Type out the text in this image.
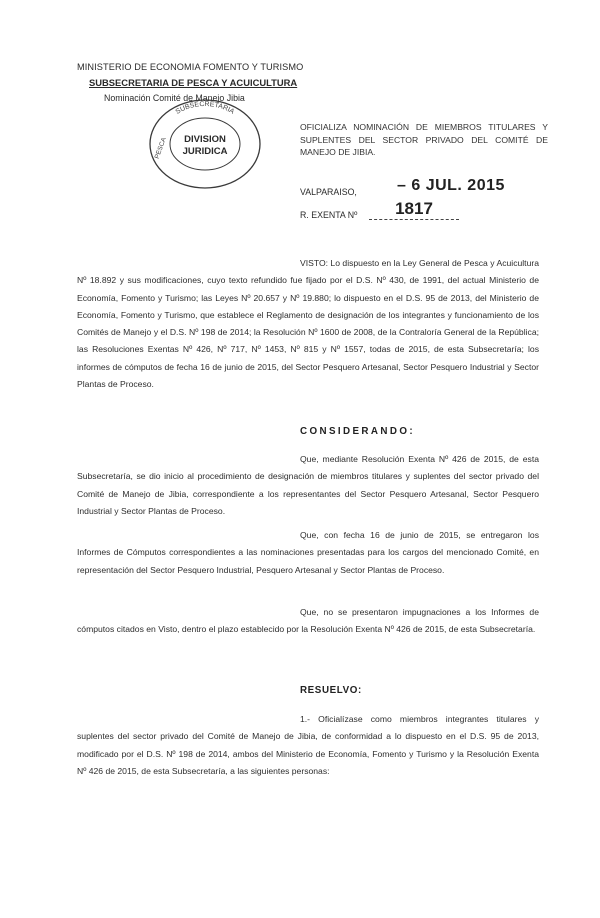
MINISTERIO DE ECONOMIA FOMENTO Y TURISMO
SUBSECRETARIA DE PESCA Y ACUICULTURA
Nominación Comité de Manejo Jibia
SUBSECRETARIA
PESCA DIVISION
JURIDICA
OFICIALIZA NOMINACIÓN DE MIEMBROS TITULARES Y SUPLENTES DEL SECTOR PRIVADO DEL COMITÉ DE MANEJO DE JIBIA.
VALPARAISO,	– 6 JUL. 2015
R. EXENTA Nº	1817
VISTO: Lo dispuesto en la Ley General de Pesca y Acuicultura Nº 18.892 y sus modificaciones, cuyo texto refundido fue fijado por el D.S. Nº 430, de 1991, del actual Ministerio de Economía, Fomento y Turismo; las Leyes Nº 20.657 y Nº 19.880; lo dispuesto en el D.S. 95 de 2013, del Ministerio de Economía, Fomento y Turismo, que establece el Reglamento de designación de los integrantes y funcionamiento de los Comités de Manejo y el D.S. Nº 198 de 2014; la Resolución Nº 1600 de 2008, de la Contraloría General de la República; las Resoluciones Exentas Nº 426, Nº 717, Nº 1453, Nº 815 y Nº 1557, todas de 2015, de esta Subsecretaría; los informes de cómputos de fecha 16 de junio de 2015, del Sector Pesquero Artesanal, Sector Pesquero Industrial y Sector Plantas de Proceso.
CONSIDERANDO:
Que, mediante Resolución Exenta Nº 426 de 2015, de esta Subsecretaría, se dio inicio al procedimiento de designación de miembros titulares y suplentes del sector privado del Comité de Manejo de Jibia, correspondiente a los representantes del Sector Pesquero Artesanal, Sector Pesquero Industrial y Sector Plantas de Proceso.
Que, con fecha 16 de junio de 2015, se entregaron los Informes de Cómputos correspondientes a las nominaciones presentadas para los cargos del mencionado Comité, en representación del Sector Pesquero Industrial, Pesquero Artesanal y Sector Plantas de Proceso.
Que, no se presentaron impugnaciones a los Informes de cómputos citados en Visto, dentro el plazo establecido por la Resolución Exenta Nº 426 de 2015, de esta Subsecretaría.
RESUELVO:
1.- Oficialízase como miembros integrantes titulares y suplentes del sector privado del Comité de Manejo de Jibia, de conformidad a lo dispuesto en el D.S. 95 de 2013, modificado por el D.S. Nº 198 de 2014, ambos del Ministerio de Economía, Fomento y Turismo y la Resolución Exenta Nº 426 de 2015, de esta Subsecretaría, a las siguientes personas:
